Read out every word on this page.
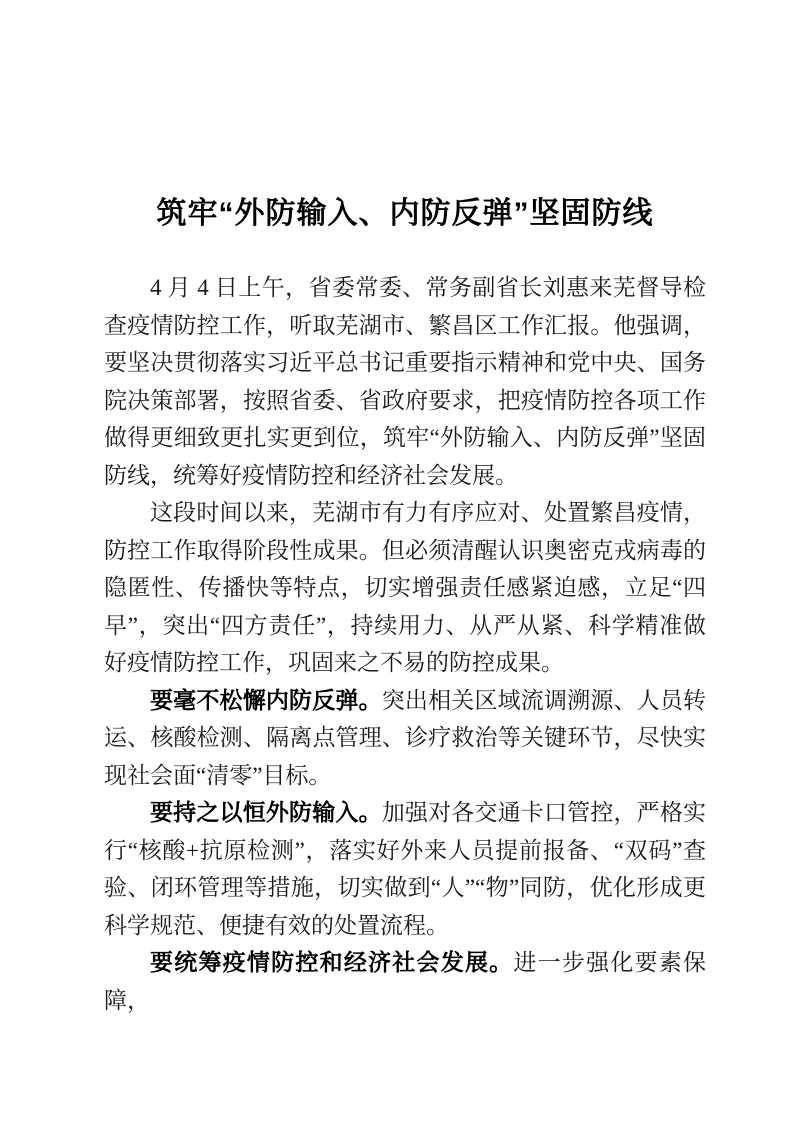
筑牢“外防输入、内防反弹”坚固防线

4 月 4 日上午，省委常委、常务副省长刘惠来芜督导检查疫情防控工作，听取芜湖市、繁昌区工作汇报。他强调， 要坚决贯彻落实习近平总书记重要指示精神和党中央、国务院决策部署，按照省委、省政府要求，把疫情防控各项工作做得更细致更扎实更到位，筑牢“外防输入、内防反弹”坚固防线，统筹好疫情防控和经济社会发展。

这段时间以来，芜湖市有力有序应对、处置繁昌疫情，防控工作取得阶段性成果。但必须清醒认识奥密克戎病毒的隐匿性、传播快等特点，切实增强责任感紧迫感，立足“四早”，突出“四方责任”，持续用力、从严从紧、科学精准做好疫情防控工作，巩固来之不易的防控成果。

要毫不松懈内防反弹。突出相关区域流调溯源、人员转运、核酸检测、隔离点管理、诊疗救治等关键环节，尽快实现社会面“清零”目标。

要持之以恒外防输入。加强对各交通卡口管控，严格实行“核酸+抗原检测”，落实好外来人员提前报备、“双码”查验、闭环管理等措施，切实做到“人”“物”同防，优化形成更科学规范、便捷有效的处置流程。

要统筹疫情防控和经济社会发展。进一步强化要素保障，
